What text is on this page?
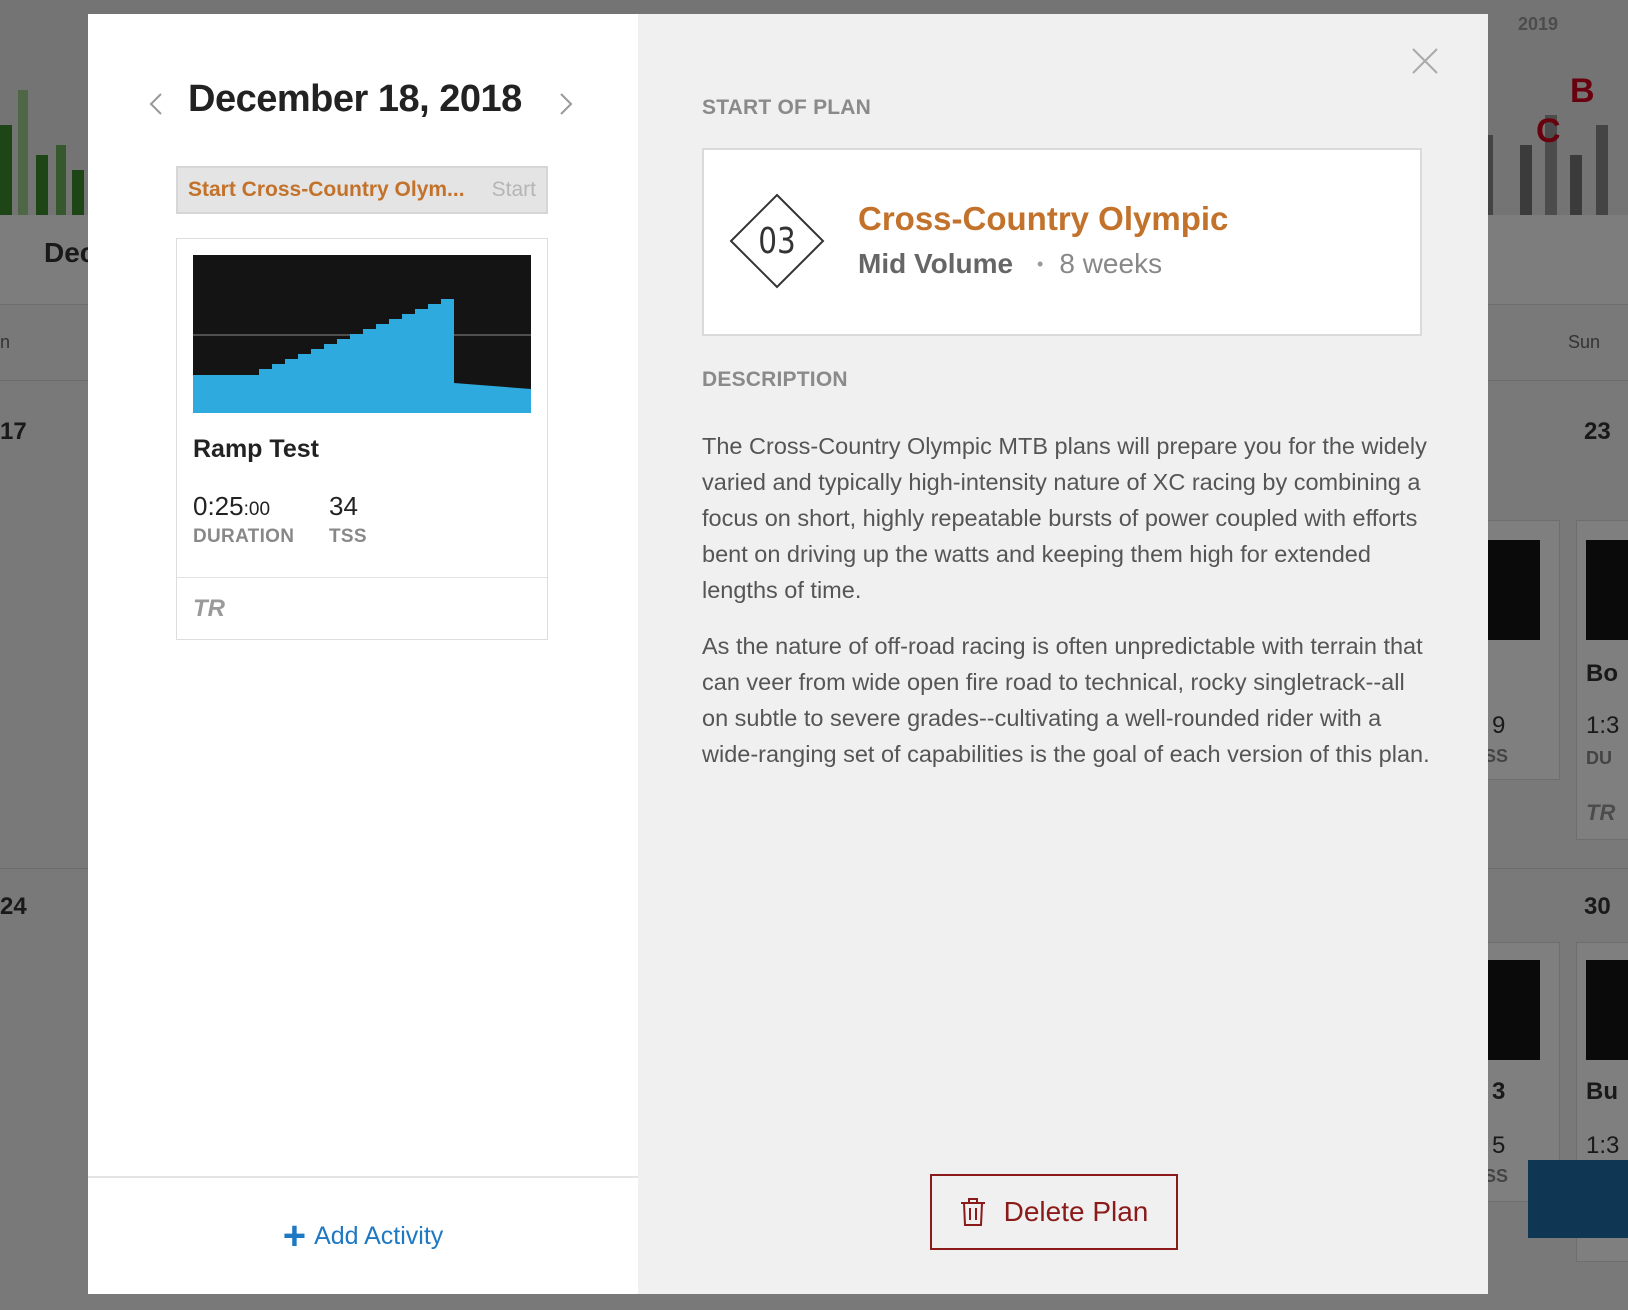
December 18, 2018
Start Cross-Country Olym... Start
Ramp Test
0:25:00
DURATION
34
TSS
TR
+ Add Activity
START OF PLAN
03
Cross-Country Olympic
Mid Volume • 8 weeks
DESCRIPTION

The Cross-Country Olympic MTB plans will prepare you for the widely varied and typically high-intensity nature of XC racing by combining a focus on short, highly repeatable bursts of power coupled with efforts bent on driving up the watts and keeping them high for extended lengths of time.

As the nature of off-road racing is often unpredictable with terrain that can veer from wide open fire road to technical, rocky singletrack--all on subtle to severe grades--cultivating a well-rounded rider with a wide-ranging set of capabilities is the goal of each version of this plan.

Delete Plan
